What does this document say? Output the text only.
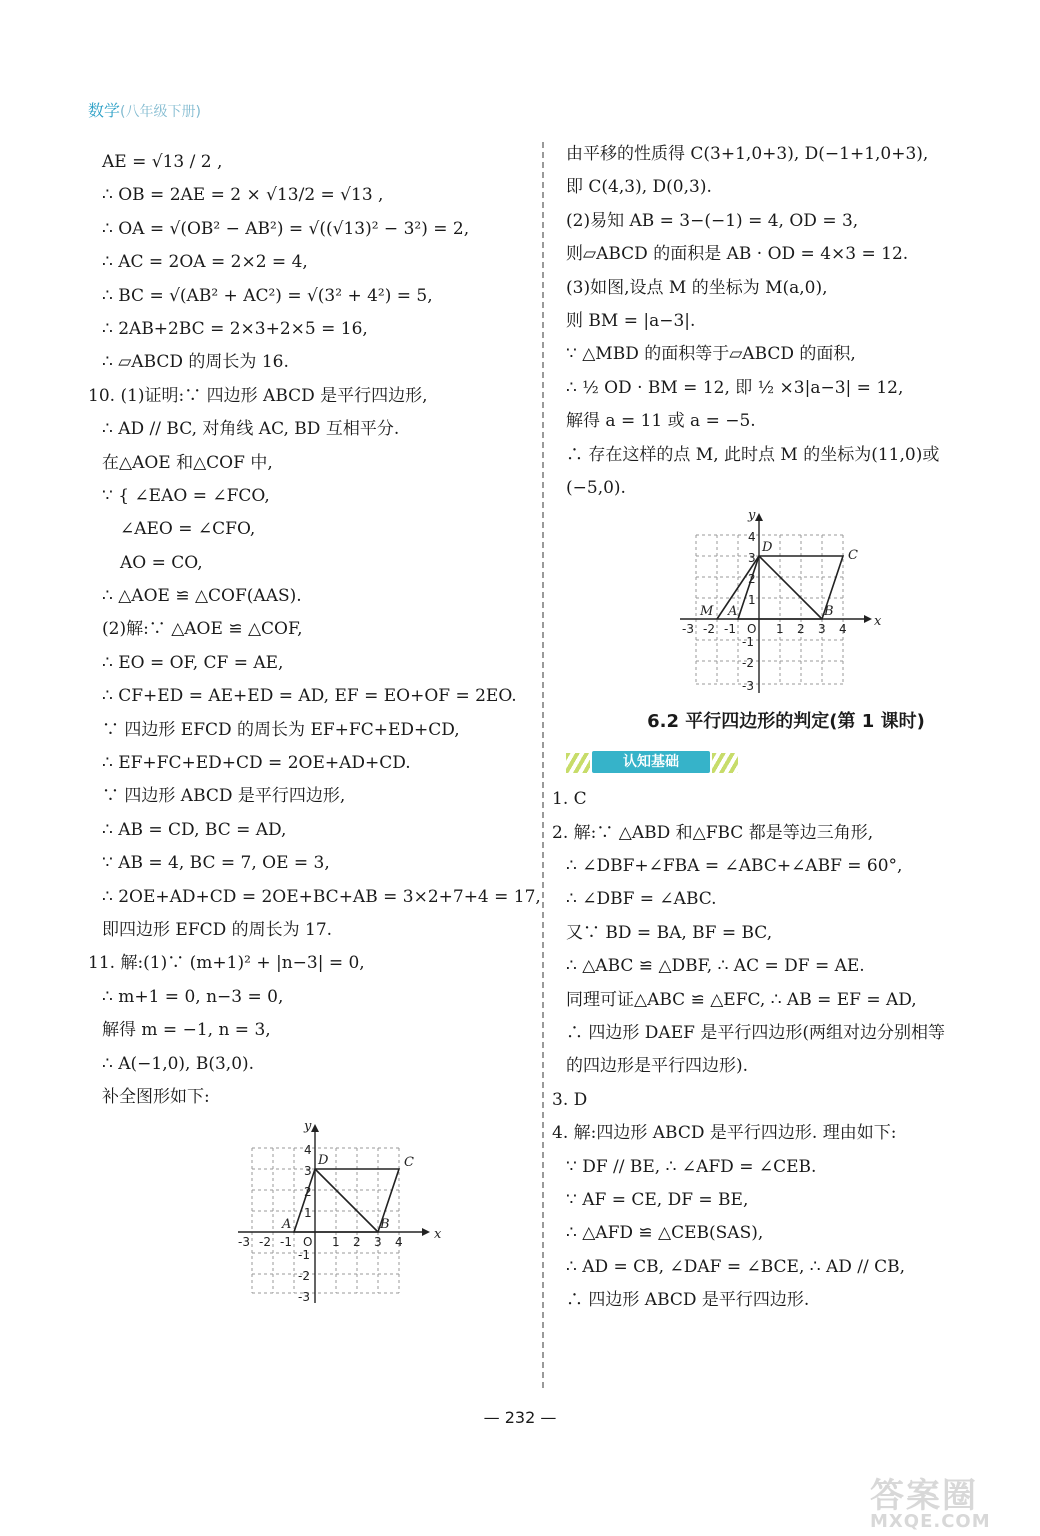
数学(八年级下册)
AE = √13 / 2 ,
∴ OB = 2AE = 2 × √13/2 = √13 ,
∴ OA = √(OB² − AB²) = √((√13)² − 3²) = 2,
∴ AC = 2OA = 2×2 = 4,
∴ BC = √(AB² + AC²) = √(3² + 4²) = 5,
∴ 2AB+2BC = 2×3+2×5 = 16,
∴ ▱ABCD 的周长为 16.
10. (1)证明:∵ 四边形 ABCD 是平行四边形,
∴ AD // BC, 对角线 AC, BD 互相平分.
在△AOE 和△COF 中,
∵ { ∠EAO = ∠FCO,
∠AEO = ∠CFO,
AO = CO,
∴ △AOE ≌ △COF(AAS).
(2)解:∵ △AOE ≌ △COF,
∴ EO = OF, CF = AE,
∴ CF+ED = AE+ED = AD, EF = EO+OF = 2EO.
∵ 四边形 EFCD 的周长为 EF+FC+ED+CD,
∴ EF+FC+ED+CD = 2OE+AD+CD.
∵ 四边形 ABCD 是平行四边形,
∴ AB = CD, BC = AD,
∵ AB = 4, BC = 7, OE = 3,
∴ 2OE+AD+CD = 2OE+BC+AB = 3×2+7+4 = 17,
即四边形 EFCD 的周长为 17.
11. 解:(1)∵ (m+1)² + |n−3| = 0,
∴ m+1 = 0, n−3 = 0,
解得 m = −1, n = 3,
∴ A(−1,0), B(3,0).
补全图形如下:
x
y
D	C
A	B
-3 -2 -1 O 1 2 3 4
4
3
2
1
-1
-2
-3
由平移的性质得 C(3+1,0+3), D(−1+1,0+3),
即 C(4,3), D(0,3).
(2)易知 AB = 3−(−1) = 4, OD = 3,
则▱ABCD 的面积是 AB · OD = 4×3 = 12.
(3)如图,设点 M 的坐标为 M(a,0),
则 BM = |a−3|.
∵ △MBD 的面积等于▱ABCD 的面积,
∴ ½ OD · BM = 12, 即 ½ ×3|a−3| = 12,
解得 a = 11 或 a = −5.
∴ 存在这样的点 M, 此时点 M 的坐标为(11,0)或
(−5,0).
x
y
D
C
A	B
M
-3 -2 -1 O 1 2 3 4
4
3
2
1
-1
-2
-3
6.2 平行四边形的判定(第 1 课时)
认知基础
1. C
2. 解:∵ △ABD 和△FBC 都是等边三角形,
∴ ∠DBF+∠FBA = ∠ABC+∠ABF = 60°,
∴ ∠DBF = ∠ABC.
又∵ BD = BA, BF = BC,
∴ △ABC ≌ △DBF, ∴ AC = DF = AE.
同理可证△ABC ≌ △EFC, ∴ AB = EF = AD,
∴ 四边形 DAEF 是平行四边形(两组对边分别相等
的四边形是平行四边形).
3. D
4. 解:四边形 ABCD 是平行四边形. 理由如下:
∵ DF // BE, ∴ ∠AFD = ∠CEB.
∵ AF = CE, DF = BE,
∴ △AFD ≌ △CEB(SAS),
∴ AD = CB, ∠DAF = ∠BCE, ∴ AD // CB,
∴ 四边形 ABCD 是平行四边形.
— 232 —
答案圈
MXQE.COM
